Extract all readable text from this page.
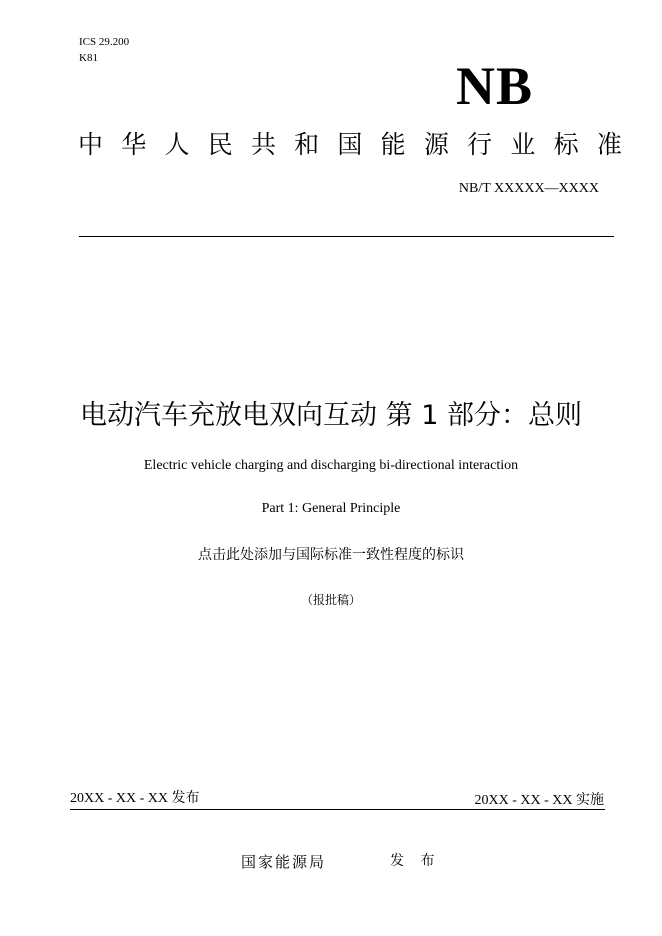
ICS 29.200
K81	NB
中 华 人 民 共 和 国 能 源 行 业 标 准
NB/T XXXXX—XXXX
电动汽车充放电双向互动 第 1 部分：总则
Electric vehicle charging and discharging bi-directional interaction
Part 1: General Principle
点击此处添加与国际标准一致性程度的标识
（报批稿）
20XX - XX - XX 发布	20XX - XX - XX 实施
国家能源局	发 布
